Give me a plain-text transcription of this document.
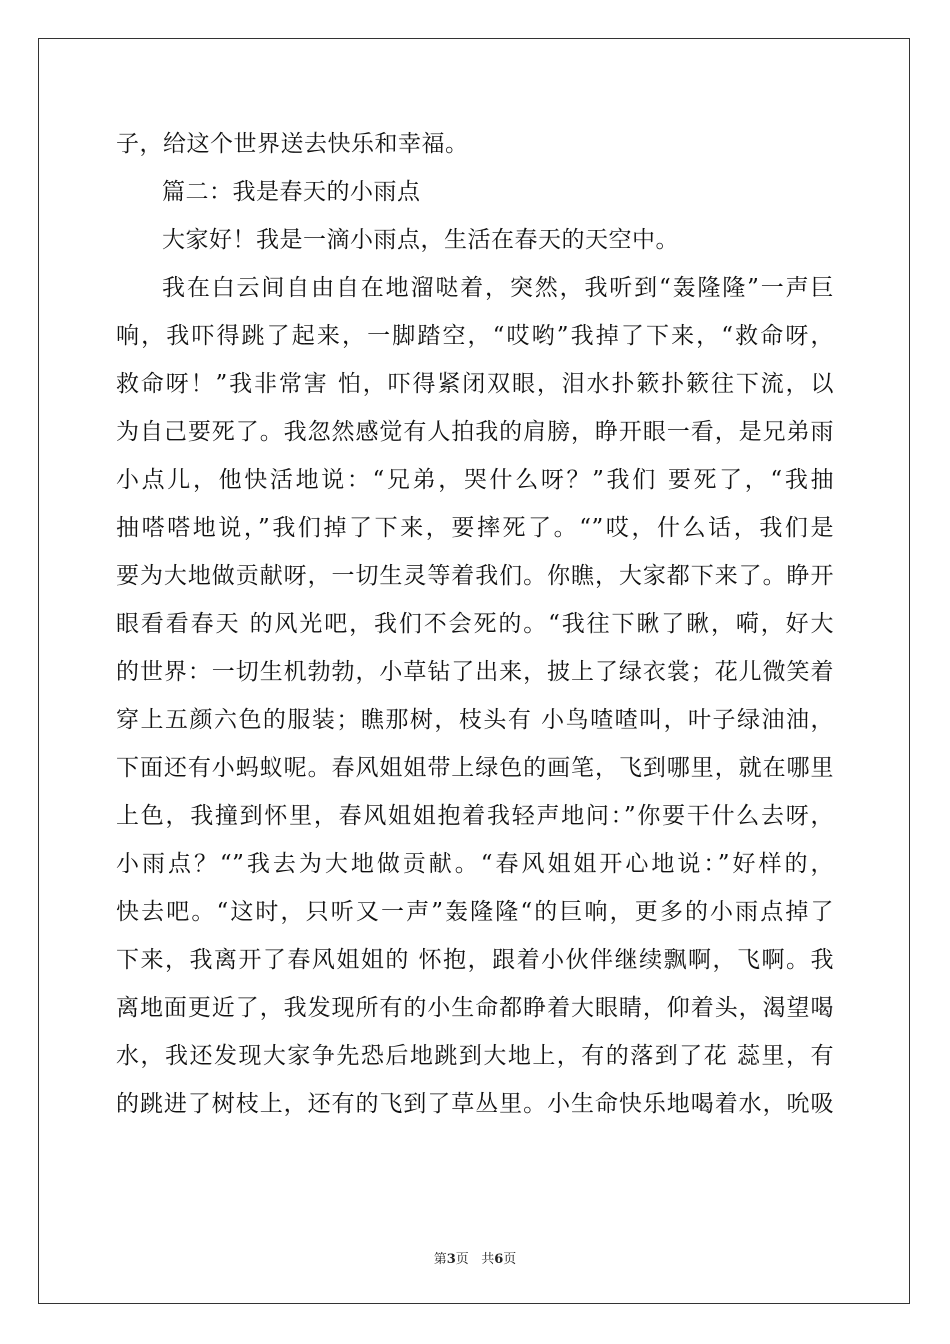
子，给这个世界送去快乐和幸福。
篇二：我是春天的小雨点
大家好！我是一滴小雨点，生活在春天的天空中。
我在白云间自由自在地溜哒着，突然，我听到“轰隆隆”一声巨
响，我吓得跳了起来，一脚踏空，“哎哟”我掉了下来，“救命呀，
救命呀！”我非常害 怕，吓得紧闭双眼，泪水扑簌扑簌往下流，以
为自己要死了。我忽然感觉有人拍我的肩膀，睁开眼一看，是兄弟雨
小点儿，他快活地说：“兄弟，哭什么呀？”我们 要死了，“我抽
抽嗒嗒地说，”我们掉了下来，要摔死了。“”哎，什么话，我们是
要为大地做贡献呀，一切生灵等着我们。你瞧，大家都下来了。睁开
眼看看春天 的风光吧，我们不会死的。“我往下瞅了瞅，嗬，好大
的世界：一切生机勃勃，小草钻了出来，披上了绿衣裳；花儿微笑着
穿上五颜六色的服装；瞧那树，枝头有 小鸟喳喳叫，叶子绿油油，
下面还有小蚂蚁呢。春风姐姐带上绿色的画笔，飞到哪里，就在哪里
上色，我撞到怀里，春风姐姐抱着我轻声地问：”你要干什么去呀，
小雨点？“”我去为大地做贡献。“春风姐姐开心地说：”好样的，
快去吧。“这时，只听又一声”轰隆隆“的巨响，更多的小雨点掉了
下来，我离开了春风姐姐的 怀抱，跟着小伙伴继续飘啊，飞啊。我
离地面更近了，我发现所有的小生命都睁着大眼睛，仰着头，渴望喝
水，我还发现大家争先恐后地跳到大地上，有的落到了花 蕊里，有
的跳进了树枝上，还有的飞到了草丛里。小生命快乐地喝着水，吮吸
第3页 共6页
